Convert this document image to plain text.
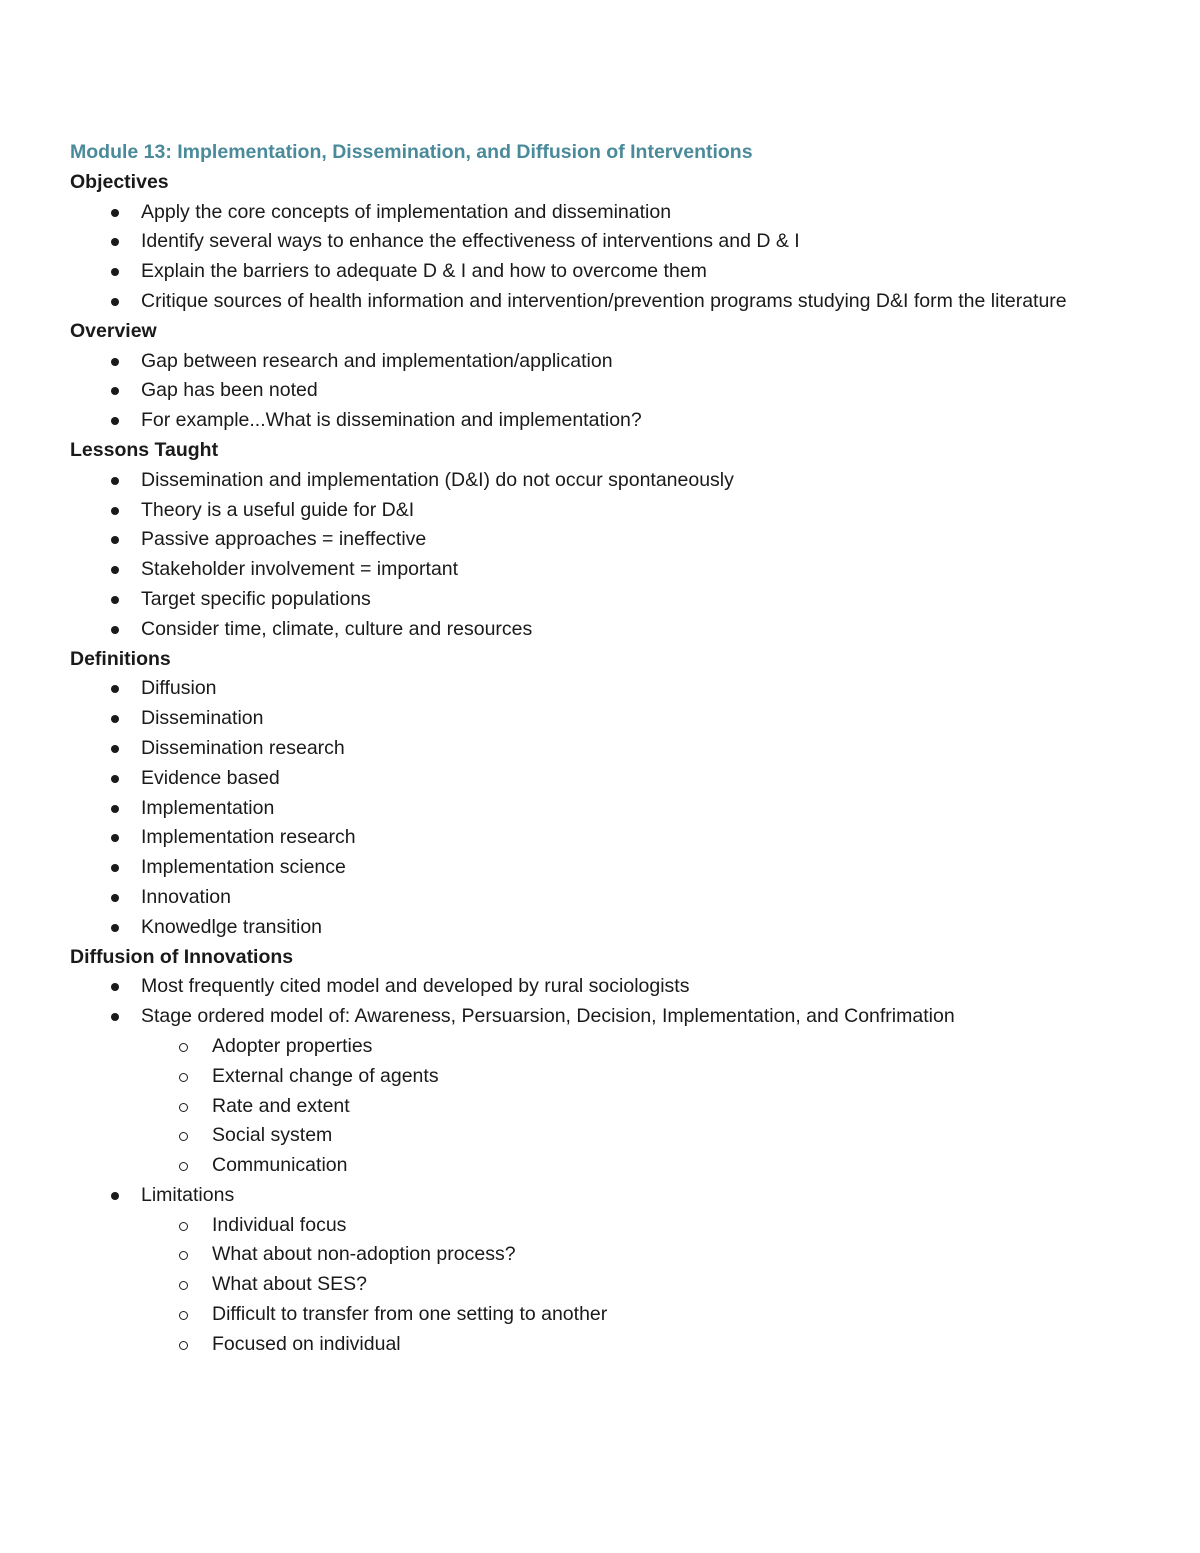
Module 13: Implementation, Dissemination, and Diffusion of Interventions
Objectives
Apply the core concepts of implementation and dissemination
Identify several ways to enhance the effectiveness of interventions and D & I
Explain the barriers to adequate D & I and how to overcome them
Critique sources of health information and intervention/prevention programs studying D&I form the literature
Overview
Gap between research and implementation/application
Gap has been noted
For example...What is dissemination and implementation?
Lessons Taught
Dissemination and implementation (D&I) do not occur spontaneously
Theory is a useful guide for D&I
Passive approaches = ineffective
Stakeholder involvement = important
Target specific populations
Consider time, climate, culture and resources
Definitions
Diffusion
Dissemination
Dissemination research
Evidence based
Implementation
Implementation research
Implementation science
Innovation
Knowedlge transition
Diffusion of Innovations
Most frequently cited model and developed by rural sociologists
Stage ordered model of: Awareness, Persuarsion, Decision, Implementation, and Confrimation
Adopter properties
External change of agents
Rate and extent
Social system
Communication
Limitations
Individual focus
What about non-adoption process?
What about SES?
Difficult to transfer from one setting to another
Focused on individual
